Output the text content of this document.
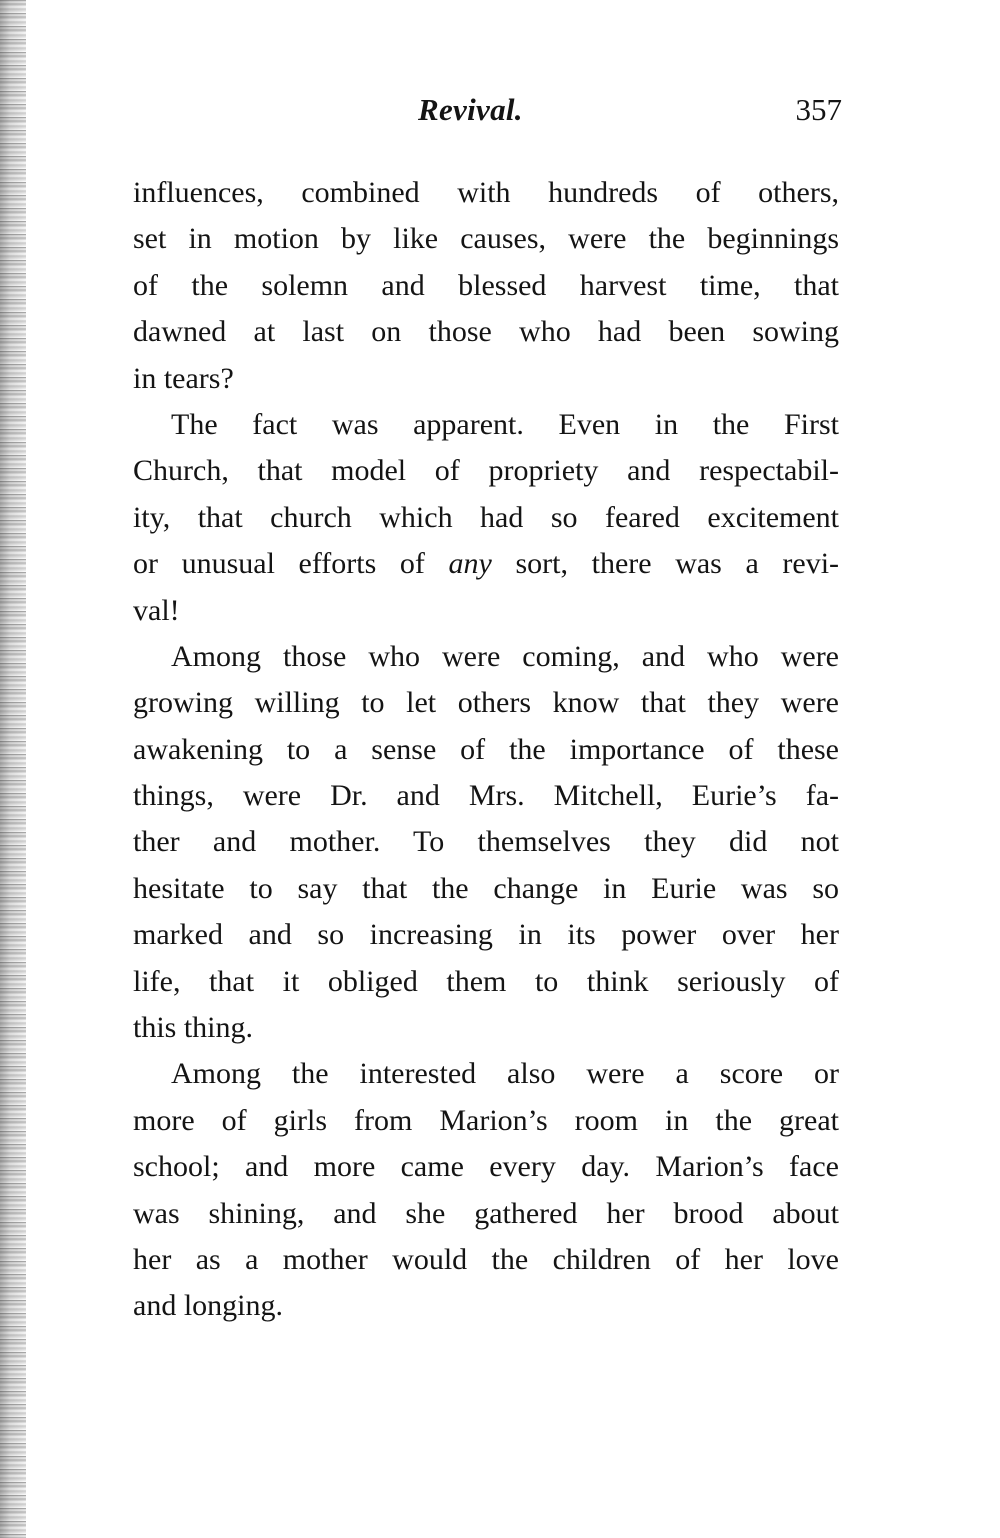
Revival.	357
influences, combined with hundreds of others,
set in motion by like causes, were the beginnings
of the solemn and blessed harvest time, that
dawned at last on those who had been sowing
in tears?
The fact was apparent. Even in the First
Church, that model of propriety and respectabil-
ity, that church which had so feared excitement
or unusual efforts of any sort, there was a revi-
val!
Among those who were coming, and who were
growing willing to let others know that they were
awakening to a sense of the importance of these
things, were Dr. and Mrs. Mitchell, Eurie’s fa-
ther and mother. To themselves they did not
hesitate to say that the change in Eurie was so
marked and so increasing in its power over her
life, that it obliged them to think seriously of
this thing.
Among the interested also were a score or
more of girls from Marion’s room in the great
school; and more came every day. Marion’s face
was shining, and she gathered her brood about
her as a mother would the children of her love
and longing.
